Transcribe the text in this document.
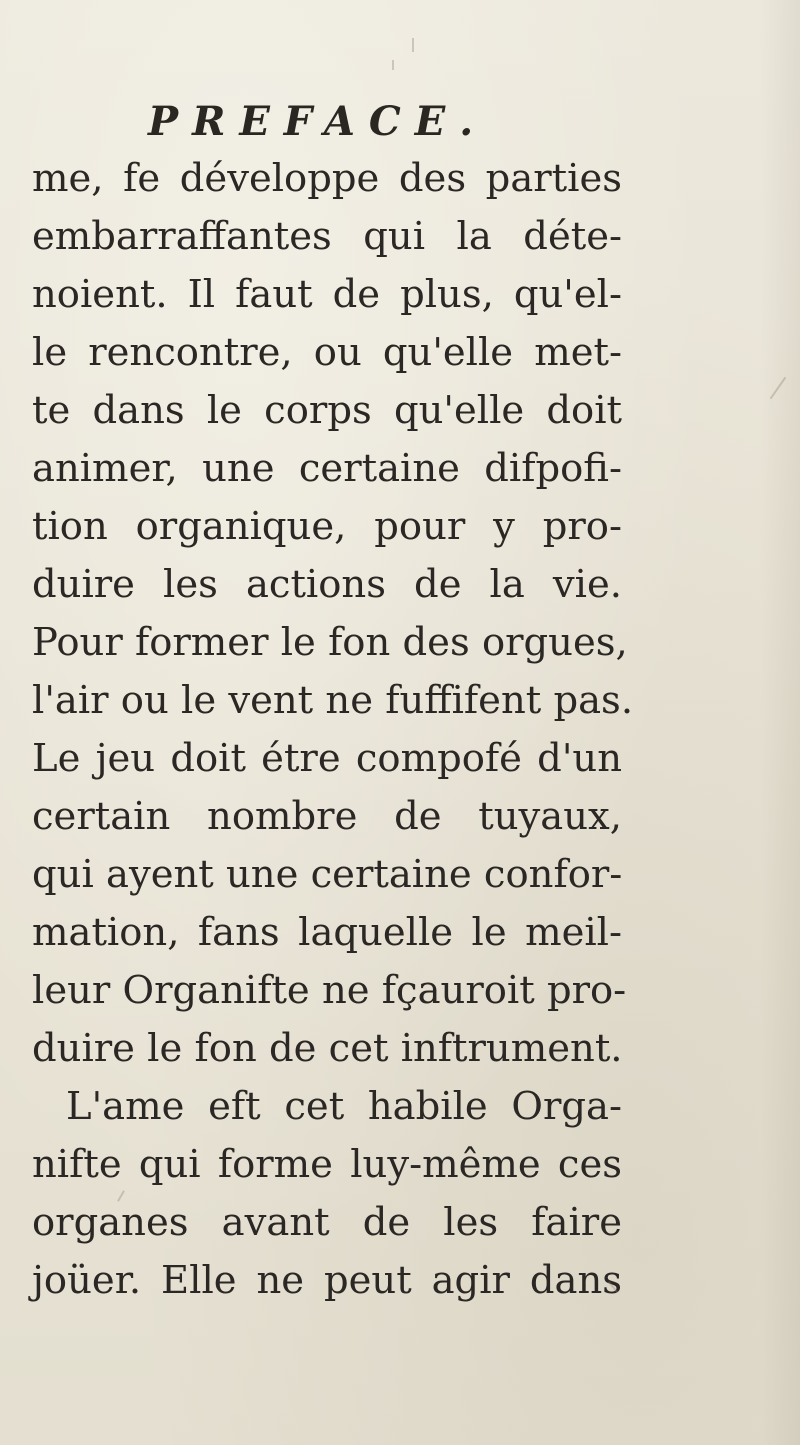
PREFACE.
me, fe développe des parties
embarraffantes qui la déte-
noient. Il faut de plus, qu'el-
le rencontre, ou qu'elle met-
te dans le corps qu'elle doit
animer, une certaine difpofi-
tion organique, pour y pro-
duire les actions de la vie.
Pour former le fon des orgues,
l'air ou le vent ne fuffifent pas.
Le jeu doit étre compofé d'un
certain nombre de tuyaux,
qui ayent une certaine confor-
mation, fans laquelle le meil-
leur Organifte ne fçauroit pro-
duire le fon de cet inftrument.
L'ame eft cet habile Orga-
nifte qui forme luy-même ces
organes avant de les faire
joüer. Elle ne peut agir dans
